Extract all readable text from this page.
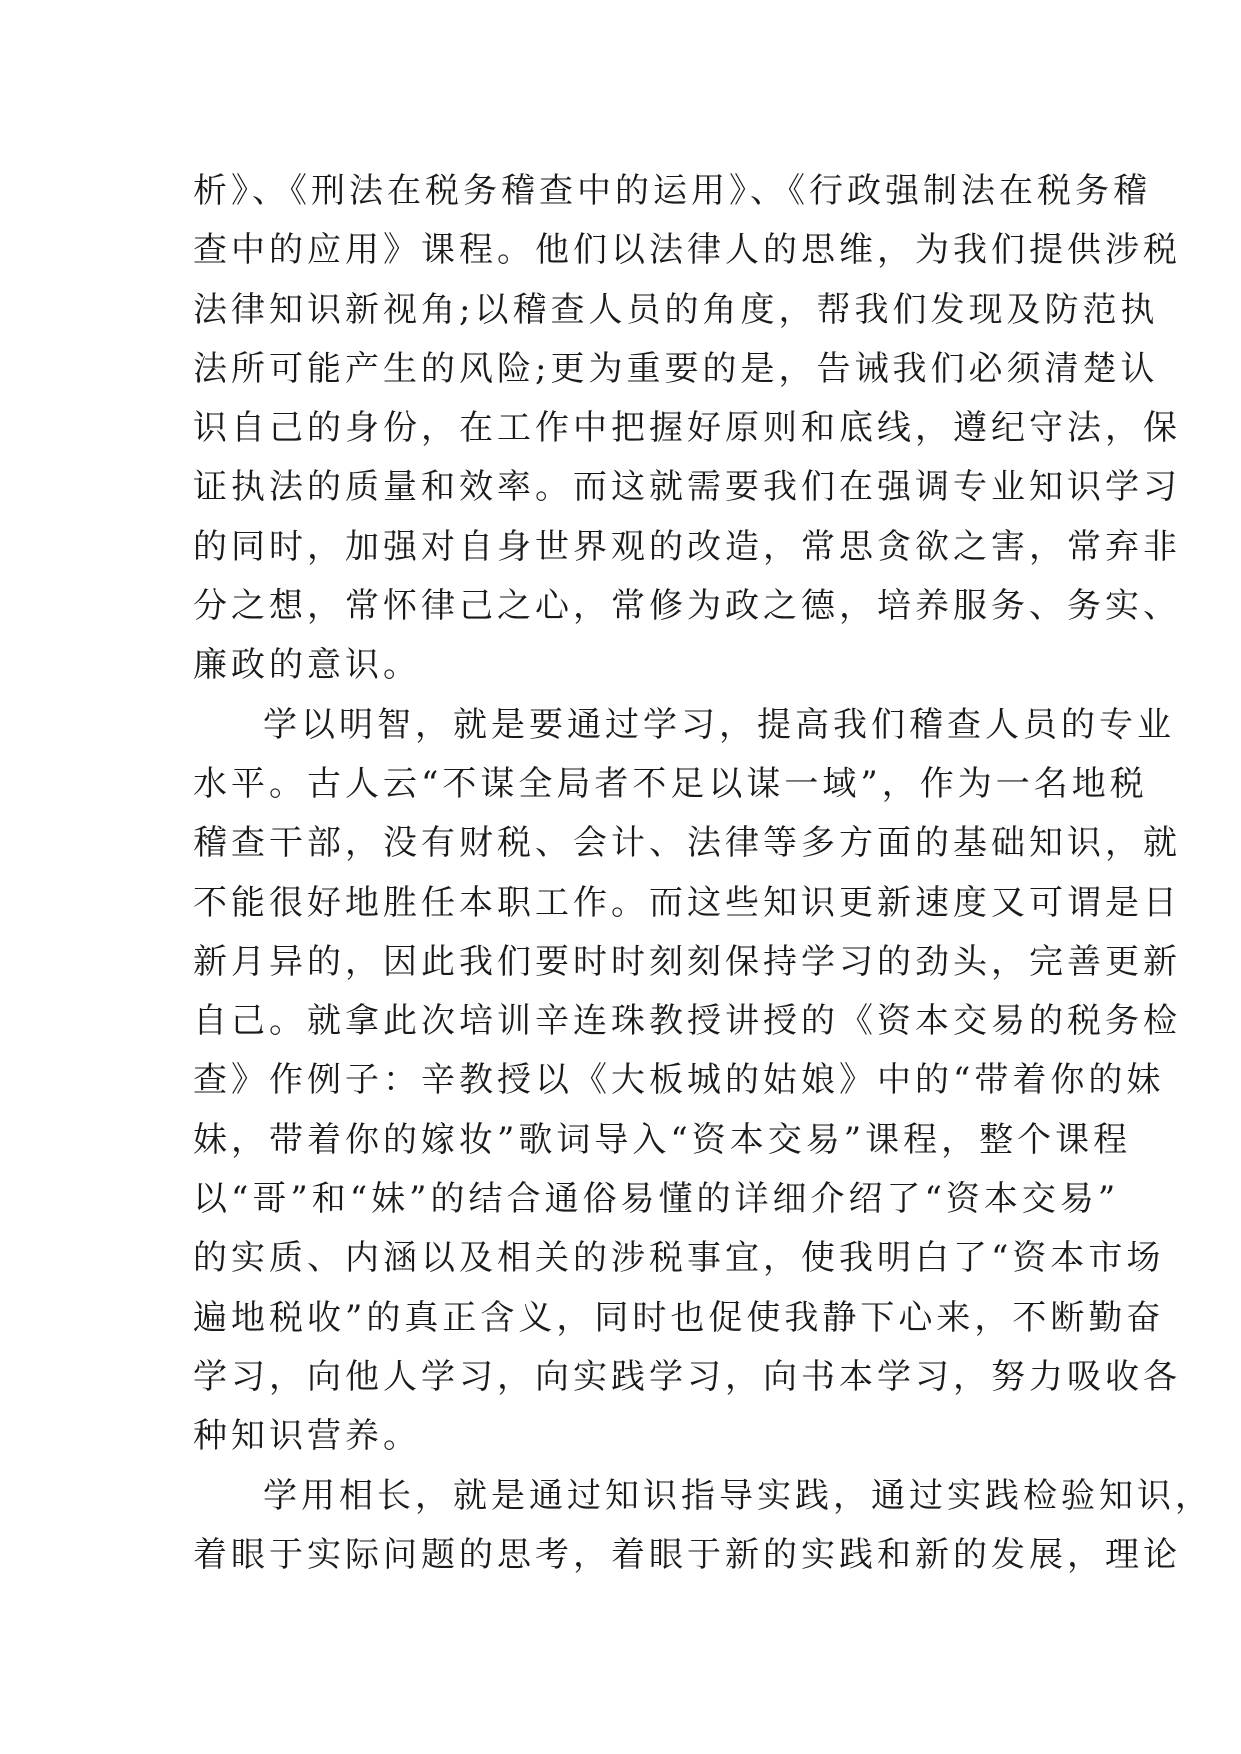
析》、《刑法在税务稽查中的运用》、《行政强制法在税务稽
查中的应用》课程。他们以法律人的思维，为我们提供涉税
法律知识新视角;以稽查人员的角度，帮我们发现及防范执
法所可能产生的风险;更为重要的是，告诫我们必须清楚认
识自己的身份，在工作中把握好原则和底线，遵纪守法，保
证执法的质量和效率。而这就需要我们在强调专业知识学习
的同时，加强对自身世界观的改造，常思贪欲之害，常弃非
分之想，常怀律己之心，常修为政之德，培养服务、务实、
廉政的意识。
学以明智，就是要通过学习，提高我们稽查人员的专业
水平。古人云“不谋全局者不足以谋一域”，作为一名地税
稽查干部，没有财税、会计、法律等多方面的基础知识，就
不能很好地胜任本职工作。而这些知识更新速度又可谓是日
新月异的，因此我们要时时刻刻保持学习的劲头，完善更新
自己。就拿此次培训辛连珠教授讲授的《资本交易的税务检
查》作例子：辛教授以《大板城的姑娘》中的“带着你的妹
妹，带着你的嫁妆”歌词导入“资本交易”课程，整个课程
以“哥”和“妹”的结合通俗易懂的详细介绍了“资本交易”
的实质、内涵以及相关的涉税事宜，使我明白了“资本市场
遍地税收”的真正含义，同时也促使我静下心来，不断勤奋
学习，向他人学习，向实践学习，向书本学习，努力吸收各
种知识营养。
学用相长，就是通过知识指导实践，通过实践检验知识，
着眼于实际问题的思考，着眼于新的实践和新的发展，理论
